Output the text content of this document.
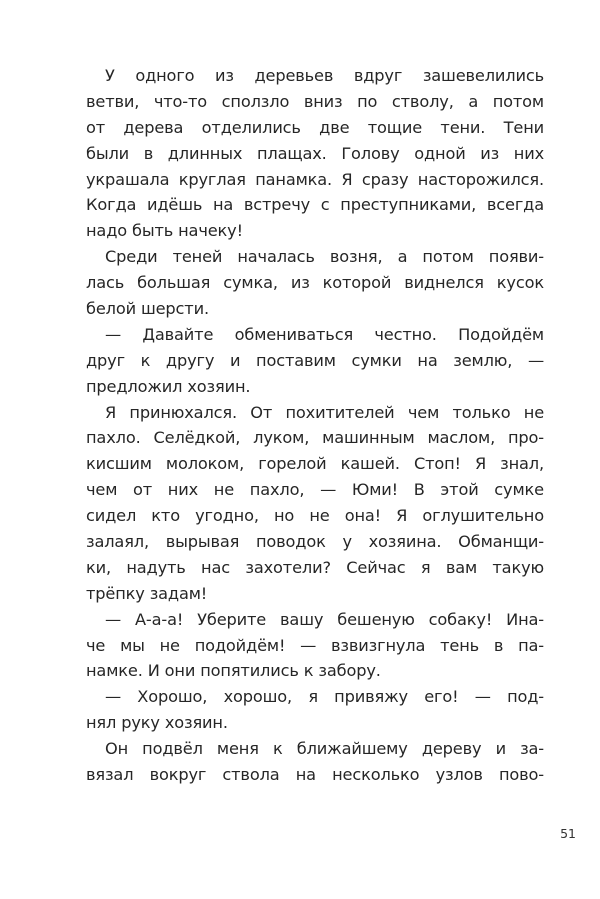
У одного из деревьев вдруг зашевелились
ветви, что-то сползло вниз по стволу, а потом
от дерева отделились две тощие тени. Тени
были в длинных плащах. Голову одной из них
украшала круглая панамка. Я сразу насторожился.
Когда идёшь на встречу с преступниками, всегда
надо быть начеку!
Среди теней началась возня, а потом появи-
лась большая сумка, из которой виднелся кусок
белой шерсти.
— Давайте обмениваться честно. Подойдём
друг к другу и поставим сумки на землю, —
предложил хозяин.
Я принюхался. От похитителей чем только не
пахло. Селёдкой, луком, машинным маслом, про-
кисшим молоком, горелой кашей. Стоп! Я знал,
чем от них не пахло, — Юми! В этой сумке
сидел кто угодно, но не она! Я оглушительно
залаял, вырывая поводок у хозяина. Обманщи-
ки, надуть нас захотели? Сейчас я вам такую
трёпку задам!
— А-а-а! Уберите вашу бешеную собаку! Ина-
че мы не подойдём! — взвизгнула тень в па-
намке. И они попятились к забору.
— Хорошо, хорошо, я привяжу его! — под-
нял руку хозяин.
Он подвёл меня к ближайшему дереву и за-
вязал вокруг ствола на несколько узлов пово-
51
